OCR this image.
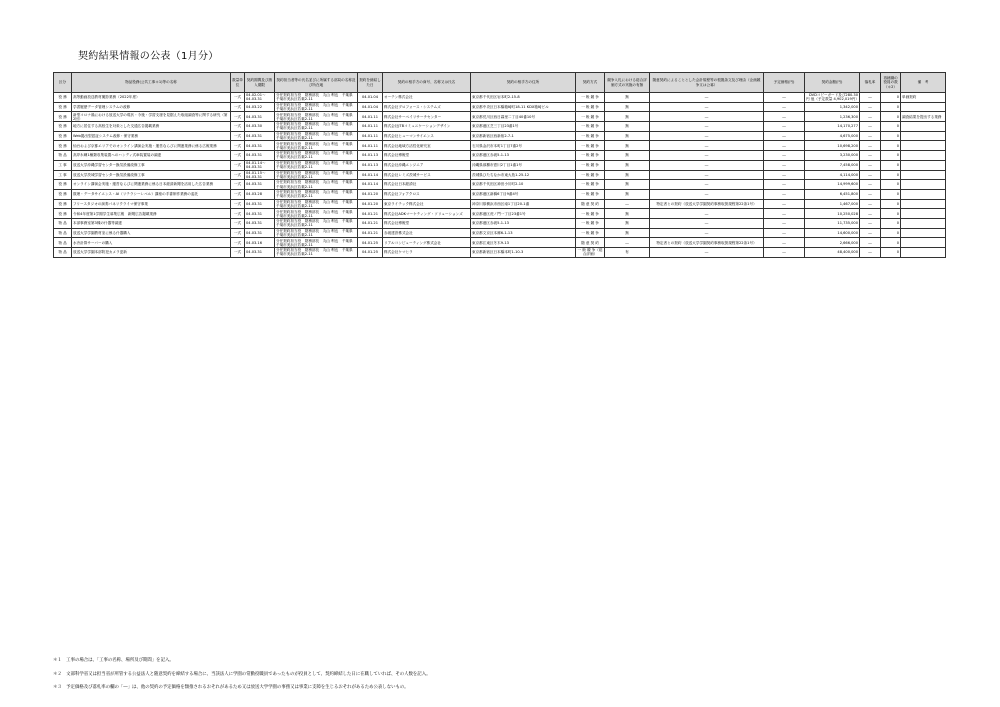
契約結果情報の公表（1月分）
区分	物品役務(公共工事＊1)等の名称	数量単位	契約期間及び納入期限	契約担当者等の氏名並びに所属する部局の名称及び所在地	契約を締結した日	契約の相手方の商号、名称又は氏名	契約の相手方の住所	契約方式	競争入札における総合評価方式の実施の有無	随意契約によることとした会計規程等の根拠条文及び理由（企画競争又は公募）	予定価格(円)	契約金額(円)	落札率	再就職の役員の数（＊2）	備　考
役 務	高等動画放送教材撮影業務（2022年度）	一式	04.02.01～04.03.31	分任契約担当役　財務部長　丸山 利也　千葉県千葉市美浜区若葉2-11	04.01.04	オーテン株式会社	東京都千代田区岩本町2-15-8	一 般 競 争	無	―	―	DVDコピーガード及び280.30円 他（予定数量 4,902,019円）	―	0	単価契約
役 務	学習履歴データ管理システムの改修	一式	04.03.22	分任契約担当役　財務部長　丸山 利也　千葉県千葉市美浜区若葉2-11	04.01.04	株式会社プロフォース・システムズ	東京都中央区日本橋箱崎町18-11 KDX箱崎ビル	一 般 競 争	無	―	―	1,342,000	―	0	
役 務	新型コロナ禍における放送大学の現状・今後・学習支援を見据えた取組調査等に関する研究（第2回）	一式	04.03.31	分任契約担当役　財務部長　丸山 利也　千葉県千葉市美浜区若葉2-11	04.01.11	株式会社サーベイリサーチセンター	東京都荒川区西日暮里二丁目40番10号	一 般 競 争	無	―	―	1,236,300	―	0	調査結果を提出する業務
役 務	地方に居住する高校生を対象とした交通広告掲載業務	一式	04.03.30	分任契約担当役　財務部長　丸山 利也　千葉県千葉市美浜区若葉2-11	04.01.11	株式会社JTBコミュニケーションデザイン	東京都港区芝三丁目23番1号	一 般 競 争	無	―	―	14,170,277	―	0	
役 務	Web掲出型認証システム改修・保守業務	一式	04.03.31	分任契約担当役　財務部長　丸山 利也　千葉県千葉市美浜区若葉2-11	04.01.11	株式会社ヒューマンサイエンス	東京都新宿区西新宿2-7-1	一 般 競 争	無	―	―	4,675,000	―	0	
役 務	仙台および京都エリアでのオンライン講演会実施・運営ならびに関連業務に係る広報業務	一式	04.03.31	分任契約担当役　財務部長　丸山 利也　千葉県千葉市美浜区若葉2-11	04.01.11	株式会社地域方活性化研究室	石川県金沢市本町1丁目7番2号	一 般 競 争	無	―	―	10,698,200	―	0	
物 品	高岸氷練1種類収集装置へのハンディ式車装置装の調達	一式	04.03.31	分任契約担当役　財務部長　丸山 利也　千葉県千葉市美浜区若葉2-11	04.01.13	株式会社博報堂	東京都港区赤坂5-1-13	一 般 競 争	無	―	―	3,230,000	―	0	
工 事	放送大学沖縄学習センター換気設備改修工事	一式	04.01.14～04.03.31	分任契約担当役　財務部長　丸山 利也　千葉県千葉市美浜区若葉2-11	04.01.13	株式会社沖縄エンジニア	沖縄県那覇市壺川2丁目1番1号	一 般 競 争	無	―	―	7,458,000	―	0	
工 事	放送大学茨城学習センター換気設備改修工事	一式	04.01.15～04.03.31	分任契約担当役　財務部長　丸山 利也　千葉県千葉市美浜区若葉2-11	04.01.14	株式会社レミズ茨城サービス	茨城県ひたちなか市東大島1-25-12	一 般 競 争	無	―	―	4,114,000	―	0	
役 務	オンライン講演会実施・運営ならびに関連業務に係る日本経済新聞を活用した広告業務	一式	04.03.31	分任契約担当役　財務部長　丸山 利也　千葉県千葉市美浜区若葉2-11	04.01.14	株式会社日本経済社	東京都千代田区神田小川町2-10	一 般 競 争	無	―	―	14,999,600	―	0	
役 務	数理・データサイエンス・AI（リテラシーレベル）講座の手書制作業務の委託	一式	04.03.28	分任契約担当役　財務部長　丸山 利也　千葉県千葉市美浜区若葉2-11	04.01.20	株式会社フォアクロス	東京都港区新橋6丁目9番4号	一 般 競 争	無	―	―	6,451,800	―	0	
役 務	フリースタジオの演奏パネリクライマ保守事業	一式	04.03.31	分任契約担当役　財務部長　丸山 利也　千葉県千葉市美浜区若葉2-11	04.01.20	東京ライテック株式会社	神奈川県横浜市西区南1丁目20-1番	随 意 契 約	―	特定者との契約（放送大学学園契約事務取扱規程第22条1号）	―	1,467,000	―	0	
役 務	令和4年度第1学期学生募集広報　新聞広告掲載業務	一式	04.03.31	分任契約担当役　財務部長　丸山 利也　千葉県千葉市美浜区若葉2-11	04.01.21	株式会社ADKマーケティング・ソリューションズ	東京都港区虎ノ門一丁目23番1号	一 般 競 争	無	―	―	10,250,028	―	0	
物 品	本部事務室第3棟の什器等調達	一式	04.03.31	分任契約担当役　財務部長　丸山 利也　千葉県千葉市美浜区若葉2-11	04.01.21	株式会社博報堂	東京都港区赤坂5-1-13	一 般 競 争	無	―	―	11,735,000	―	0	
物 品	放送大学学園教材室に係る什器購入	一式	04.03.31	分任契約担当役　財務部長　丸山 利也　千葉県千葉市美浜区若葉2-11	04.01.21	赤坂建設株式会社	東京都文京区本郷6-1-13	一 般 競 争	無	―	―	14,600,000	―	0	
物 品	水冷計算サーバーの購入	一式	04.03.16	分任契約担当役　財務部長　丸山 利也　千葉県千葉市美浜区若葉2-11	04.01.25	リアルコンピューティング株式会社	東京都江東区冬木9-13	随 意 契 約	―	特定者との契約（放送大学学園契約事務取扱規程第22条1号）	―	2,666,000	―	0	
物 品	放送大学学園本部防犯カメラ更新	一式	04.03.31	分任契約担当役　財務部長　丸山 利也　千葉県千葉市美浜区若葉2-11	04.01.25	株式会社ケマヒラ	東京都新宿区日本橋本町1-10-3	一 般 競 争（総合評価）	有	―	―	48,400,000	―	0	
＊１　工事の場合は、「工事の名称、場所及び期間」を記入。
＊２　文部科学省又は担当省が所管する公益法人と随意契約を締結する場合に、当該法人に学園の常勤役職員であったものが役員として、契約締結した日に在職していれば、その人数を記入。
＊３　予定価格及び落札率の欄の「―」は、他の契約の予定価格を類推されるおそれがあるため又は放送大学学園の事務又は事業に支障を生じるおそれがあるため公表しないもの。
